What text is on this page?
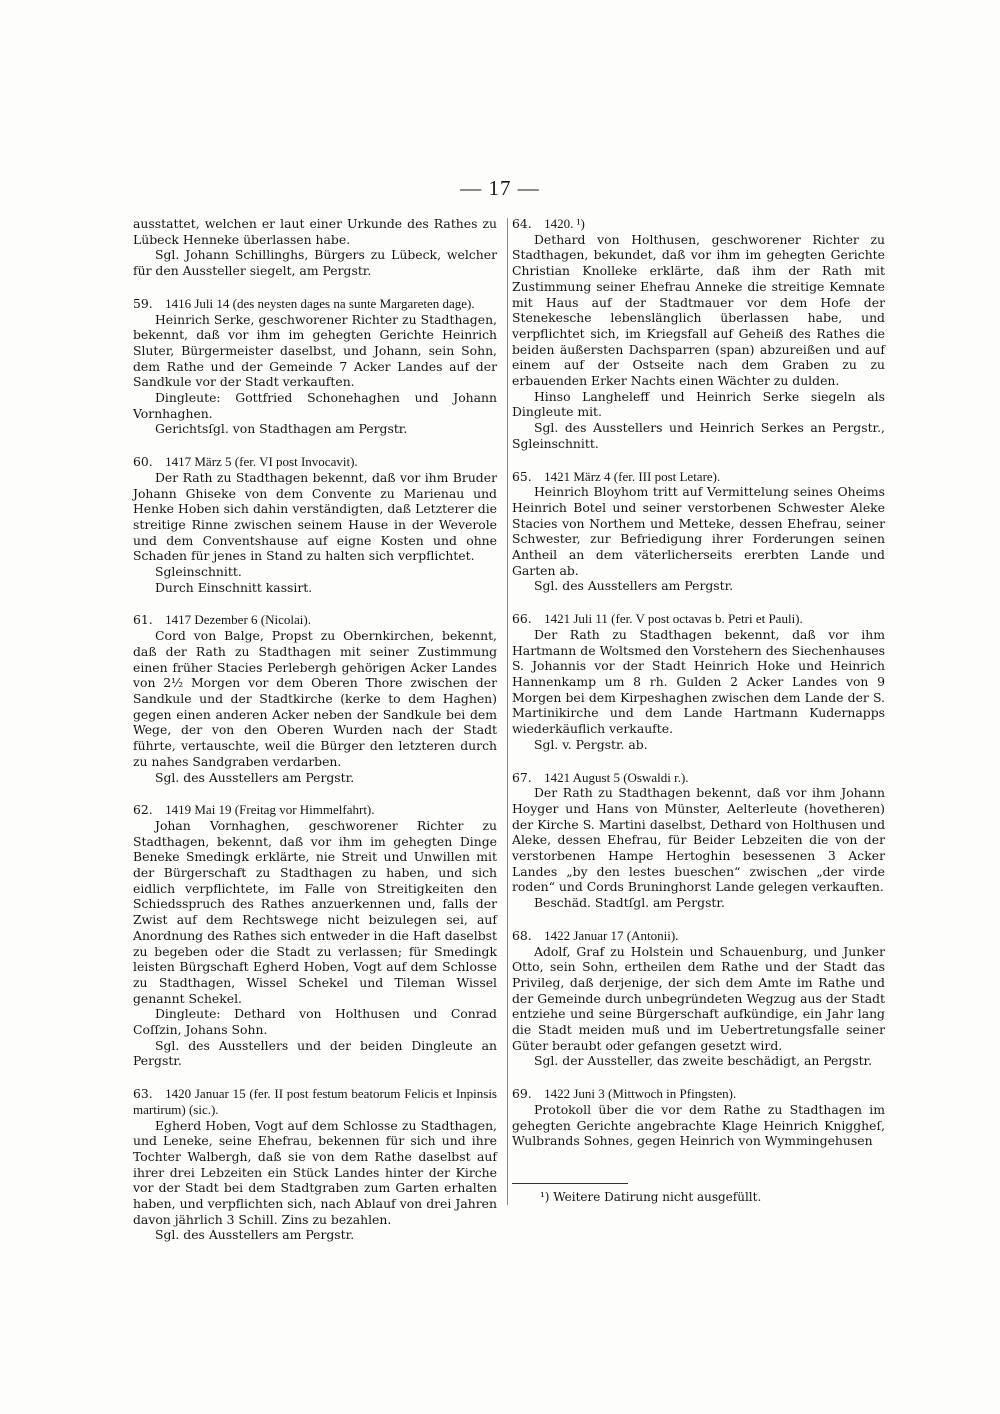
— 17 —

ausstattet, welchen er laut einer Urkunde des Rathes zu Lübeck Henneke überlassen habe.

Sgl. Johann Schillinghs, Bürgers zu Lübeck, welcher für den Aussteller siegelt, am Pergstr.

59.  1416 Juli 14 (des neysten dages na sunte Margareten dage).

Heinrich Serke, geschworener Richter zu Stadthagen, bekennt, daß vor ihm im gehegten Gerichte Heinrich Sluter, Bürgermeister daselbst, und Johann, sein Sohn, dem Rathe und der Gemeinde 7 Acker Landes auf der Sandkule vor der Stadt verkauften.

Dingleute: Gottfried Schonehaghen und Johann Vornhaghen.

Gerichtsſgl. von Stadthagen am Pergstr.

60.  1417 März 5 (fer. VI post Invocavit).

Der Rath zu Stadthagen bekennt, daß vor ihm Bruder Johann Ghiseke von dem Convente zu Marienau und Henke Hoben sich dahin verständigten, daß Letzterer die streitige Rinne zwischen seinem Hause in der Weverole und dem Conventshause auf eigne Kosten und ohne Schaden für jenes in Stand zu halten sich verpflichtet.

Sgleinschnitt.

Durch Einschnitt kassirt.

61.  1417 Dezember 6 (Nicolai).

Cord von Balge, Propst zu Obernkirchen, bekennt, daß der Rath zu Stadthagen mit seiner Zustimmung einen früher Stacies Perlebergh gehörigen Acker Landes von 2½ Morgen vor dem Oberen Thore zwischen der Sandkule und der Stadtkirche (kerke to dem Haghen) gegen einen anderen Acker neben der Sandkule bei dem Wege, der von den Oberen Wurden nach der Stadt führte, vertauschte, weil die Bürger den letzteren durch zu nahes Sandgraben verdarben.

Sgl. des Ausstellers am Pergstr.

62.  1419 Mai 19 (Freitag vor Himmelfahrt).

Johan Vornhaghen, geschworener Richter zu Stadthagen, bekennt, daß vor ihm im gehegten Dinge Beneke Smedingk erklärte, nie Streit und Unwillen mit der Bürgerschaft zu Stadthagen zu haben, und sich eidlich verpflichtete, im Falle von Streitigkeiten den Schiedsspruch des Rathes anzuerkennen und, falls der Zwist auf dem Rechtswege nicht beizulegen sei, auf Anordnung des Rathes sich entweder in die Haft daselbst zu begeben oder die Stadt zu verlassen; für Smedingk leisten Bürgschaft Egherd Hoben, Vogt auf dem Schlosse zu Stadthagen, Wissel Schekel und Tileman Wissel genannt Schekel.

Dingleute: Dethard von Holthusen und Conrad Coſſzin, Johans Sohn.

Sgl. des Ausstellers und der beiden Dingleute an Pergstr.

63.  1420 Januar 15 (fer. II post festum beatorum Felicis et Inpinsis martirum) (sic.).

Egherd Hoben, Vogt auf dem Schlosse zu Stadthagen, und Leneke, seine Ehefrau, bekennen für sich und ihre Tochter Walbergh, daß sie von dem Rathe daselbst auf ihrer drei Lebzeiten ein Stück Landes hinter der Kirche vor der Stadt bei dem Stadtgraben zum Garten erhalten haben, und verpflichten sich, nach Ablauf von drei Jahren davon jährlich 3 Schill. Zins zu bezahlen.

Sgl. des Ausstellers am Pergstr.

64.  1420. ¹)

Dethard von Holthusen, geschworener Richter zu Stadthagen, bekundet, daß vor ihm im gehegten Gerichte Christian Knolleke erklärte, daß ihm der Rath mit Zustimmung seiner Ehefrau Anneke die streitige Kemnate mit Haus auf der Stadtmauer vor dem Hofe der Stenekesche lebenslänglich überlassen habe, und verpflichtet sich, im Kriegsfall auf Geheiß des Rathes die beiden äußersten Dachsparren (span) abzureißen und auf einem auf der Ostseite nach dem Graben zu zu erbauenden Erker Nachts einen Wächter zu dulden.

Hinso Langheleff und Heinrich Serke siegeln als Dingleute mit.

Sgl. des Ausstellers und Heinrich Serkes an Pergstr., Sgleinschnitt.

65.  1421 März 4 (fer. III post Letare).

Heinrich Bloyhom tritt auf Vermittelung seines Oheims Heinrich Botel und seiner verstorbenen Schwester Aleke Stacies von Northem und Metteke, dessen Ehefrau, seiner Schwester, zur Befriedigung ihrer Forderungen seinen Antheil an dem väterlicherseits ererbten Lande und Garten ab.

Sgl. des Ausstellers am Pergstr.

66.  1421 Juli 11 (fer. V post octavas b. Petri et Pauli).

Der Rath zu Stadthagen bekennt, daß vor ihm Hartmann de Woltsmed den Vorstehern des Siechenhauses S. Johannis vor der Stadt Heinrich Hoke und Heinrich Hannenkamp um 8 rh. Gulden 2 Acker Landes von 9 Morgen bei dem Kirpeshaghen zwischen dem Lande der S. Martinikirche und dem Lande Hartmann Kudernapps wiederkäuflich verkaufte.

Sgl. v. Pergstr. ab.

67.  1421 August 5 (Oswaldi r.).

Der Rath zu Stadthagen bekennt, daß vor ihm Johann Hoyger und Hans von Münster, Aelterleute (hovetheren) der Kirche S. Martini daselbst, Dethard von Holthusen und Aleke, dessen Ehefrau, für Beider Lebzeiten die von der verstorbenen Hampe Hertoghin besessenen 3 Acker Landes „by den lestes bueschen“ zwischen „der virde roden“ und Cords Bruninghorst Lande gelegen verkauften.

Beschäd. Stadtſgl. am Pergstr.

68.  1422 Januar 17 (Antonii).

Adolf, Graf zu Holstein und Schauenburg, und Junker Otto, sein Sohn, ertheilen dem Rathe und der Stadt das Privileg, daß derjenige, der sich dem Amte im Rathe und der Gemeinde durch unbegründeten Wegzug aus der Stadt entziehe und seine Bürgerschaft aufkündige, ein Jahr lang die Stadt meiden muß und im Uebertretungsfalle seiner Güter beraubt oder gefangen gesetzt wird.

Sgl. der Aussteller, das zweite beschädigt, an Pergstr.

69.  1422 Juni 3 (Mittwoch in Pfingsten).

Protokoll über die vor dem Rathe zu Stadthagen im gehegten Gerichte angebrachte Klage Heinrich Kniggheſ, Wulbrands Sohnes, gegen Heinrich von Wymmingehusen

¹) Weitere Datirung nicht ausgefüllt.
